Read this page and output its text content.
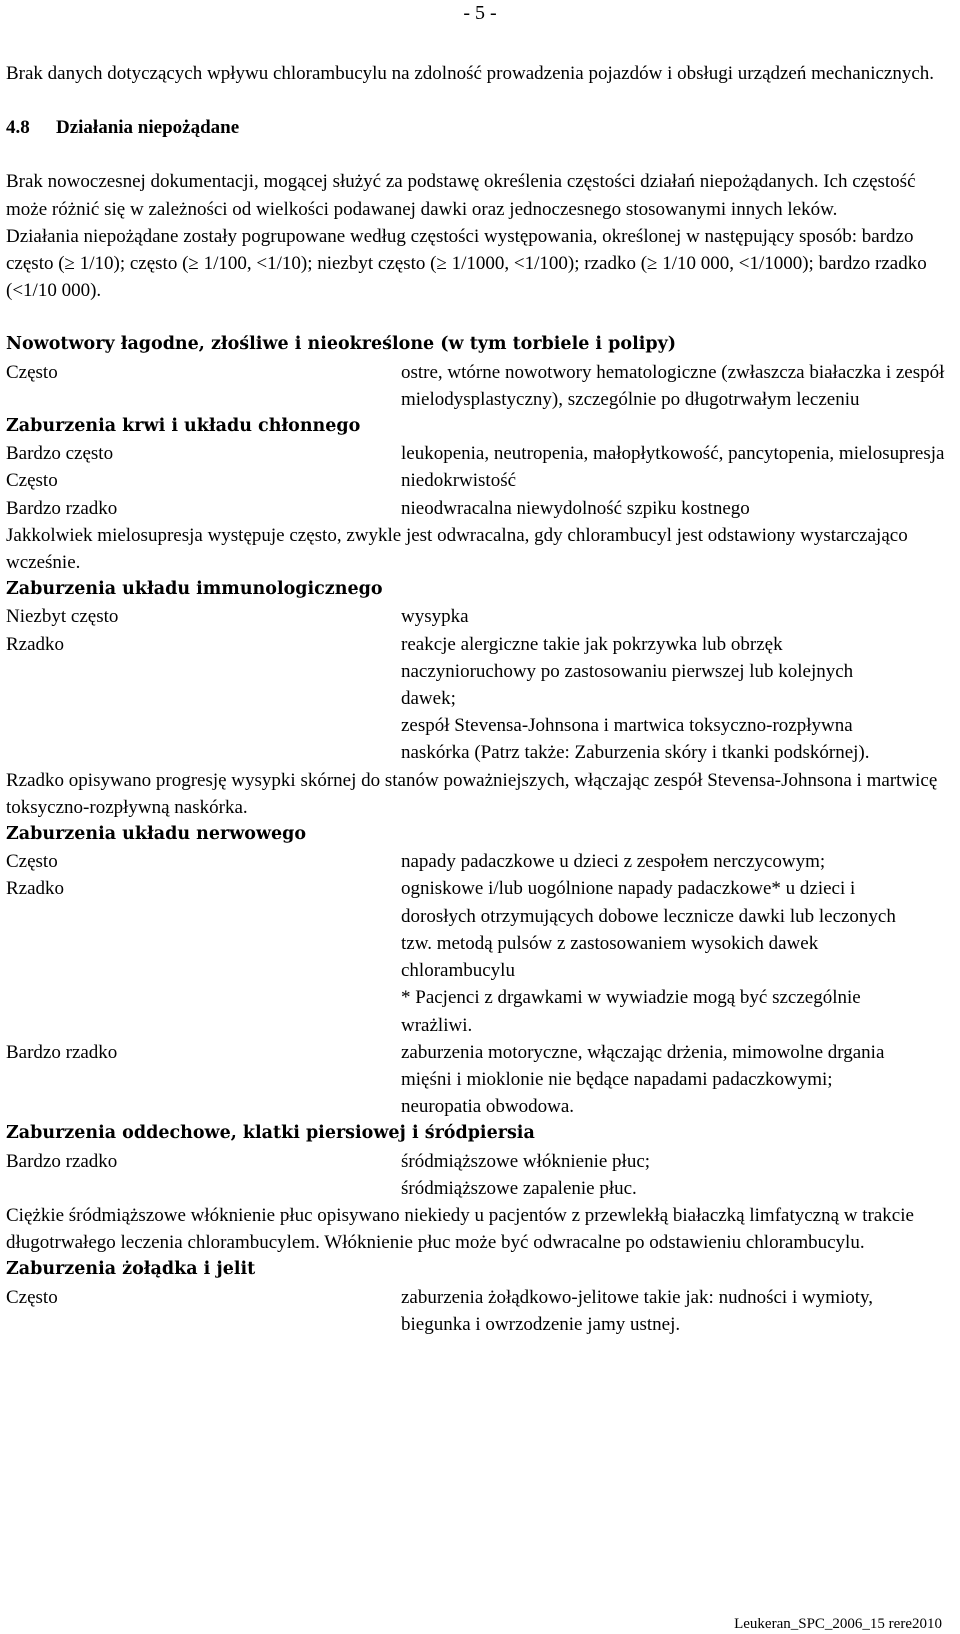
- 5 -

Brak danych dotyczących wpływu chlorambucylu na zdolność prowadzenia pojazdów i obsługi urządzeń mechanicznych.

4.8 Działania niepożądane

Brak nowoczesnej dokumentacji, mogącej służyć za podstawę określenia częstości działań niepożądanych. Ich częstość może różnić się w zależności od wielkości podawanej dawki oraz jednoczesnego stosowanymi innych leków.

Działania niepożądane zostały pogrupowane według częstości występowania, określonej w następujący sposób: bardzo często (≥ 1/10); często (≥ 1/100, <1/10); niezbyt często (≥ 1/1000, <1/100); rzadko (≥ 1/10 000, <1/1000); bardzo rzadko (<1/10 000).

Nowotwory łagodne, złośliwe i nieokreślone (w tym torbiele i polipy)

Często	ostre, wtórne nowotwory hematologiczne (zwłaszcza białaczka i zespół mielodysplastyczny), szczególnie po długotrwałym leczeniu

Zaburzenia krwi i układu chłonnego

Bardzo często	leukopenia, neutropenia, małopłytkowość, pancytopenia, mielosupresja
Często	niedokrwistość
Bardzo rzadko	nieodwracalna niewydolność szpiku kostnego

Jakkolwiek mielosupresja występuje często, zwykle jest odwracalna, gdy chlorambucyl jest odstawiony wystarczająco wcześnie.

Zaburzenia układu immunologicznego

Niezbyt często	wysypka
Rzadko	reakcje alergiczne takie jak pokrzywka lub obrzęk naczynioruchowy po zastosowaniu pierwszej lub kolejnych dawek;
zespół Stevensa-Johnsona i martwica toksyczno-rozpływna naskórka (Patrz także: Zaburzenia skóry i tkanki podskórnej).

Rzadko opisywano progresję wysypki skórnej do stanów poważniejszych, włączając zespół Stevensa-Johnsona i martwicę toksyczno-rozpływną naskórka.

Zaburzenia układu nerwowego

Często	napady padaczkowe u dzieci z zespołem nerczycowym;
Rzadko	ogniskowe i/lub uogólnione napady padaczkowe* u dzieci i dorosłych otrzymujących dobowe lecznicze dawki lub leczonych tzw. metodą pulsów z zastosowaniem wysokich dawek chlorambucylu
* Pacjenci z drgawkami w wywiadzie mogą być szczególnie wrażliwi.
Bardzo rzadko	zaburzenia motoryczne, włączając drżenia, mimowolne drgania mięśni i mioklonie nie będące napadami padaczkowymi;
neuropatia obwodowa.

Zaburzenia oddechowe, klatki piersiowej i śródpiersia

Bardzo rzadko	śródmiąższowe włóknienie płuc;
śródmiąższowe zapalenie płuc.

Ciężkie śródmiąższowe włóknienie płuc opisywano niekiedy u pacjentów z przewlekłą białaczką limfatyczną w trakcie długotrwałego leczenia chlorambucylem. Włóknienie płuc może być odwracalne po odstawieniu chlorambucylu.

Zaburzenia żołądka i jelit

Często	zaburzenia żołądkowo-jelitowe takie jak: nudności i wymioty, biegunka i owrzodzenie jamy ustnej.
Leukeran_SPC_2006_15 rere2010
